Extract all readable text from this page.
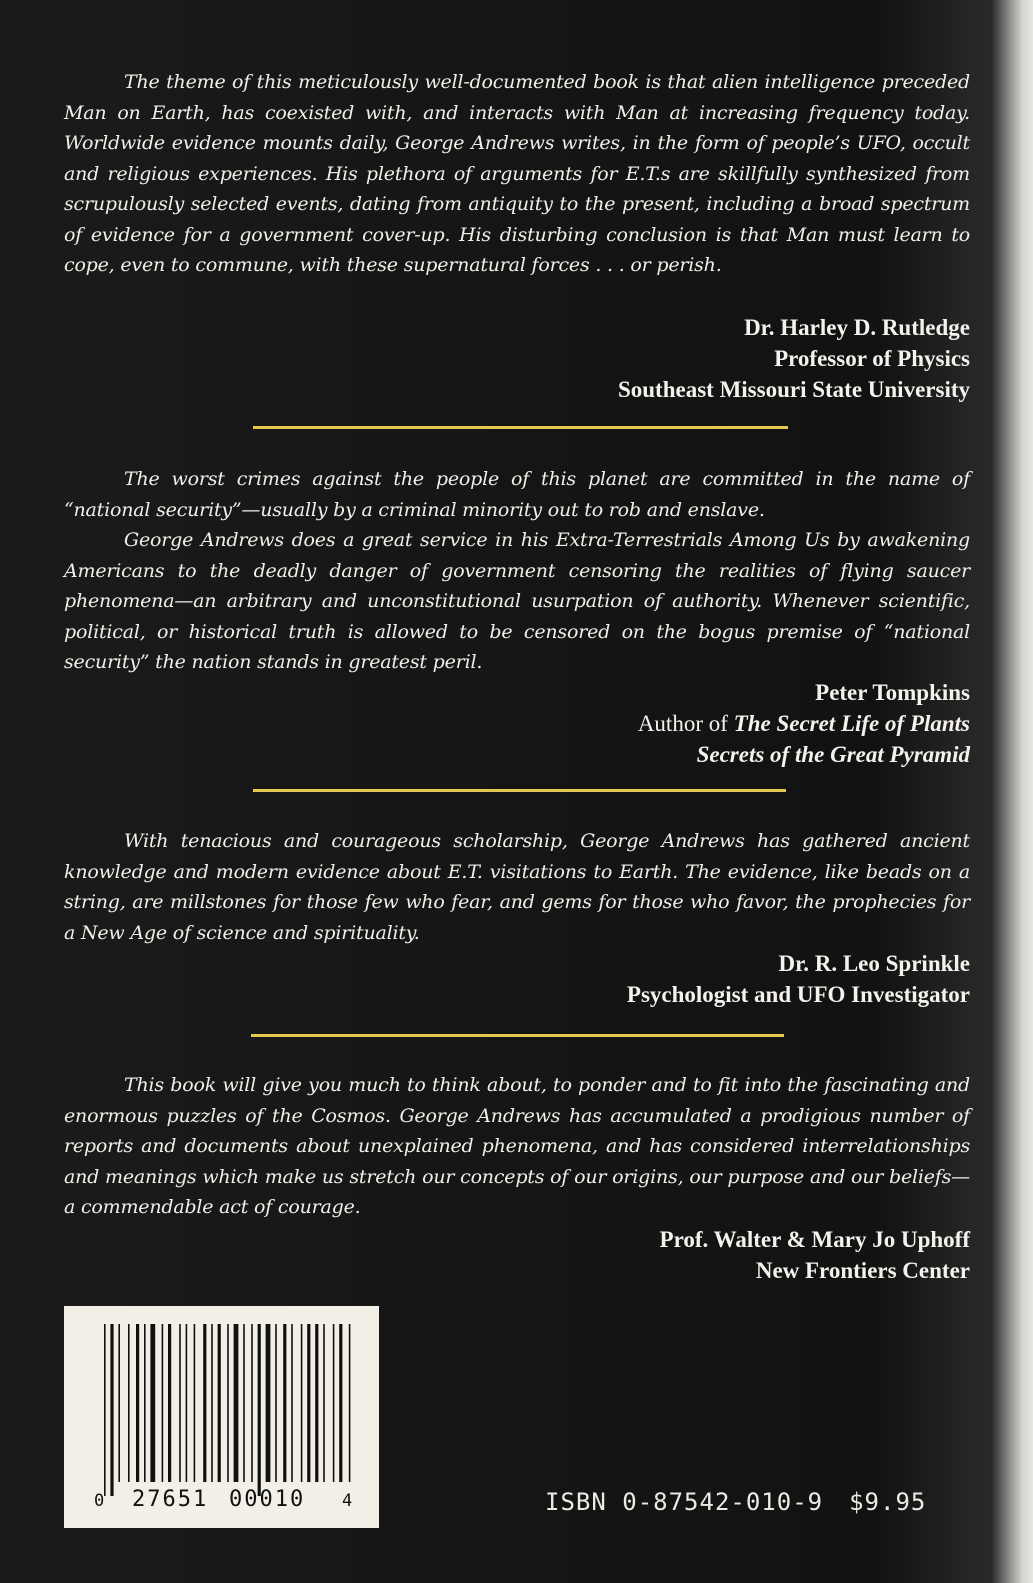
The theme of this meticulously well-documented book is that alien intelligence preceded Man on Earth, has coexisted with, and interacts with Man at increasing frequency today. Worldwide evidence mounts daily, George Andrews writes, in the form of people’s UFO, occult and religious experiences. His plethora of arguments for E.T.s are skillfully synthesized from scrupulously selected events, dating from antiquity to the present, including a broad spectrum of evidence for a government cover-up. His disturbing conclusion is that Man must learn to cope, even to commune, with these supernatural forces . . . or perish.

Dr. Harley D. Rutledge
Professor of Physics
Southeast Missouri State University

The worst crimes against the people of this planet are committed in the name of “national security”—usually by a criminal minority out to rob and enslave.

George Andrews does a great service in his Extra-Terrestrials Among Us by awakening Americans to the deadly danger of government censoring the realities of flying saucer phenomena—an arbitrary and unconstitutional usurpation of authority. Whenever scientific, political, or historical truth is allowed to be censored on the bogus premise of “national security” the nation stands in greatest peril.

Peter Tompkins
Author of The Secret Life of Plants
Secrets of the Great Pyramid

With tenacious and courageous scholarship, George Andrews has gathered ancient knowledge and modern evidence about E.T. visitations to Earth. The evidence, like beads on a string, are millstones for those few who fear, and gems for those who favor, the prophecies for a New Age of science and spirituality.

Dr. R. Leo Sprinkle
Psychologist and UFO Investigator

This book will give you much to think about, to ponder and to fit into the fascinating and enormous puzzles of the Cosmos. George Andrews has accumulated a prodigious number of reports and documents about unexplained phenomena, and has considered interrelationships and meanings which make us stretch our concepts of our origins, our purpose and our beliefs—a commendable act of courage.

Prof. Walter & Mary Jo Uphoff
New Frontiers Center
0 27651 00010 4	ISBN 0-87542-010-9 $9.95
